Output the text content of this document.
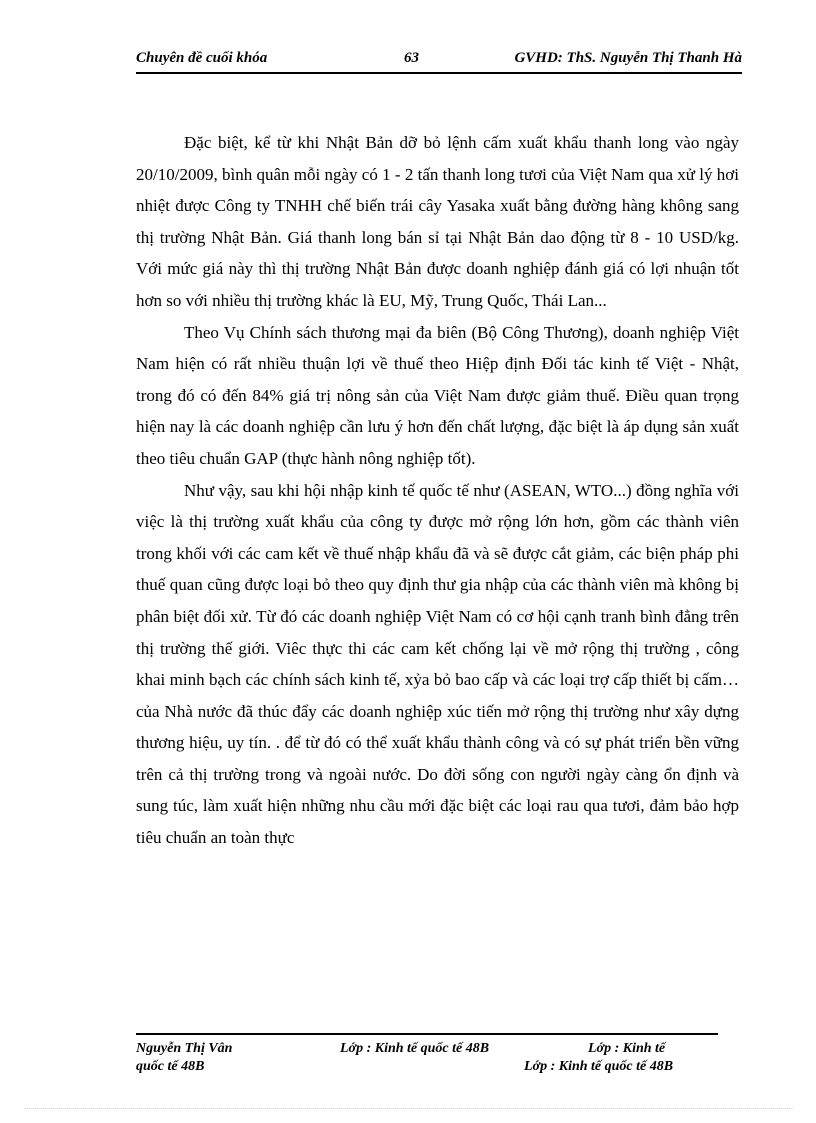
Chuyên đề cuối khóa	63	GVHD: ThS. Nguyễn Thị Thanh Hà

Đặc biệt, kể từ khi Nhật Bản dỡ bỏ lệnh cấm xuất khẩu thanh long vào ngày 20/10/2009, bình quân mỗi ngày có 1 - 2 tấn thanh long tươi của Việt Nam qua xử lý hơi nhiệt được Công ty TNHH chế biến trái cây Yasaka xuất bằng đường hàng không sang thị trường Nhật Bản. Giá thanh long bán sỉ tại Nhật Bản dao động từ 8 - 10 USD/kg. Với mức giá này thì thị trường Nhật Bản được doanh nghiệp đánh giá có lợi nhuận tốt hơn so với nhiều thị trường khác là EU, Mỹ, Trung Quốc, Thái Lan...

Theo Vụ Chính sách thương mại đa biên (Bộ Công Thương), doanh nghiệp Việt Nam hiện có rất nhiều thuận lợi về thuế theo Hiệp định Đối tác kinh tế Việt - Nhật, trong đó có đến 84% giá trị nông sản của Việt Nam được giảm thuế. Điều quan trọng hiện nay là các doanh nghiệp cần lưu ý hơn đến chất lượng, đặc biệt là áp dụng sản xuất theo tiêu chuẩn GAP (thực hành nông nghiệp tốt).

Như vậy, sau khi hội nhập kinh tế quốc tế như (ASEAN, WTO...) đồng nghĩa với việc là thị trường xuất khẩu của công ty được mở rộng lớn hơn, gồm các thành viên trong khối với các cam kết về thuế nhập khẩu đã và sẽ được cắt giảm, các biện pháp phi thuế quan cũng được loại bỏ theo quy định thư gia nhập của các thành viên mà không bị phân biệt đối xử. Từ đó các doanh nghiệp Việt Nam có cơ hội cạnh tranh bình đẳng trên thị trường thế giới. Viêc thực thi các cam kết chống lại về mở rộng thị trường , công khai minh bạch các chính sách kinh tế, xỷa bỏ bao cấp và các loại trợ cấp thiết bị cấm…của Nhà nước đã thúc đẩy các doanh nghiệp xúc tiến mở rộng thị trường như xây dựng thương hiệu, uy tín. . để từ đó có thể xuất khẩu thành công và có sự phát triển bền vững trên cả thị trường trong và ngoài nước. Do đời sống con người ngày càng ổn định và sung túc, làm xuất hiện những nhu cầu mới đặc biệt các loại rau qua tươi, đảm bảo hợp tiêu chuẩn an toàn thực

Nguyễn Thị Vân	Lớp : Kinh tế quốc tế 48B	Lớp : Kinh tế
quốc tế 48B	Lớp : Kinh tế quốc tế 48B
